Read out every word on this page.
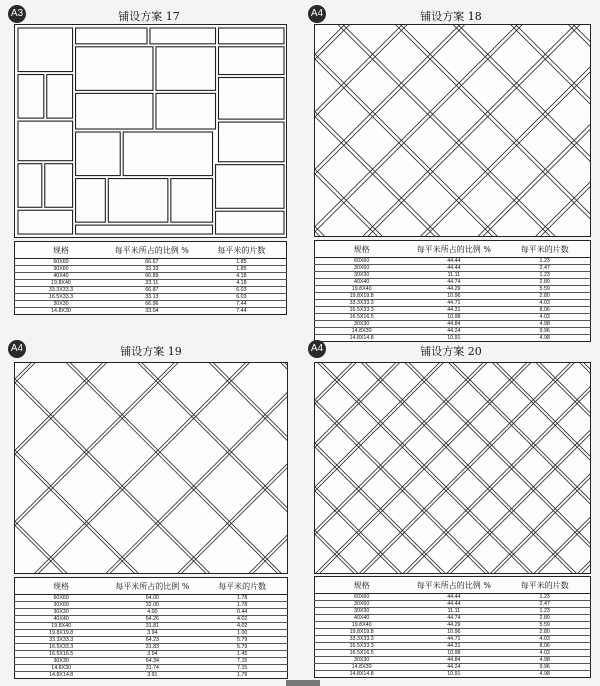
A3	铺设方案 17
规格	每平米所占的比例 %	每平米的片数
60X60	66.67	1.85
30X60	33.33	1.85
40X40	66.89	4.18
19.8X40	33.11	4.18
33.3X33.3	66.87	6.03
16.5X33.3	33.13	6.03
30X30	66.96	7.44
14.8X30	33.04	7.44
A4	铺设方案 18
规格	每平米所占的比例 %	每平米的片数
60X60	44.44	1.23
30X60	44.44	2.47
30X30	11.11	1.23
40X40	44.74	2.80
19.8X40	44.29	5.59
19.8X19.8	10.96	2.80
33.3X33.3	44.71	4.03
16.5X33.3	44.31	8.06
16.5X16.5	10.98	4.03
30X30	44.84	4.98
14.8X30	44.24	9.96
14.8X14.8	10.91	4.98
A4	铺设方案 19
规格	每平米所占的比例 %	每平米的片数
60X60	64.00	1.78
30X60	32.00	1.78
30X30	4.00	0.44
40X40	64.26	4.02
19.8X40	31.81	4.02
19.8X19.8	3.94	1.00
33.3X33.3	64.23	5.79
16.5X33.3	31.83	5.79
16.5X16.5	3.94	1.45
30X30	64.34	7.15
14.8X30	31.74	7.15
14.8X14.8	3.91	1.79
A4	铺设方案 20
规格	每平米所占的比例 %	每平米的片数
60X60	44.44	1.23
30X60	44.44	2.47
30X30	11.11	1.23
40X40	44.74	2.80
19.8X40	44.29	5.59
19.8X19.8	10.96	2.80
33.3X33.3	44.71	4.03
16.5X33.3	44.31	8.06
16.5X16.5	10.98	4.03
30X30	44.84	4.98
14.8X30	44.24	9.96
14.8X14.8	10.91	4.98
